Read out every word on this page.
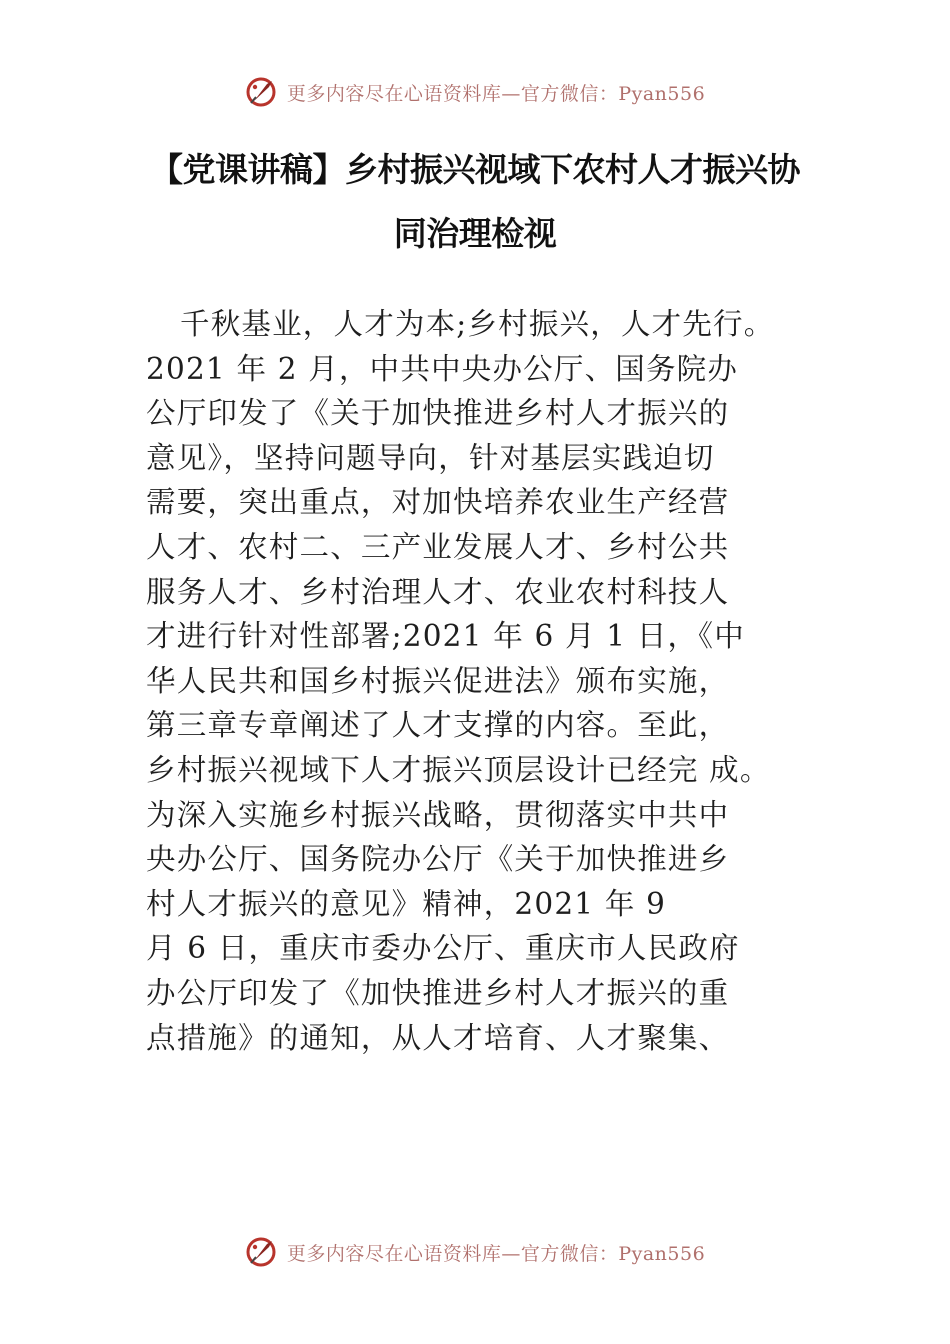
更多内容尽在心语资料库—官方微信：Pyan556
【党课讲稿】乡村振兴视域下农村人才振兴协
同治理检视
千秋基业，人才为本;乡村振兴，人才先行。
2021 年 2 月，中共中央办公厅、国务院办
公厅印发了《关于加快推进乡村人才振兴的
意见》，坚持问题导向，针对基层实践迫切
需要，突出重点，对加快培养农业生产经营
人才、农村二、三产业发展人才、乡村公共
服务人才、乡村治理人才、农业农村科技人
才进行针对性部署;2021 年 6 月 1 日，《中
华人民共和国乡村振兴促进法》颁布实施，
第三章专章阐述了人才支撑的内容。至此，
乡村振兴视域下人才振兴顶层设计已经完 成。
为深入实施乡村振兴战略，贯彻落实中共中
央办公厅、国务院办公厅《关于加快推进乡
村人才振兴的意见》精神，2021 年 9
月 6 日，重庆市委办公厅、重庆市人民政府
办公厅印发了《加快推进乡村人才振兴的重
点措施》的通知，从人才培育、人才聚集、
更多内容尽在心语资料库—官方微信：Pyan556
